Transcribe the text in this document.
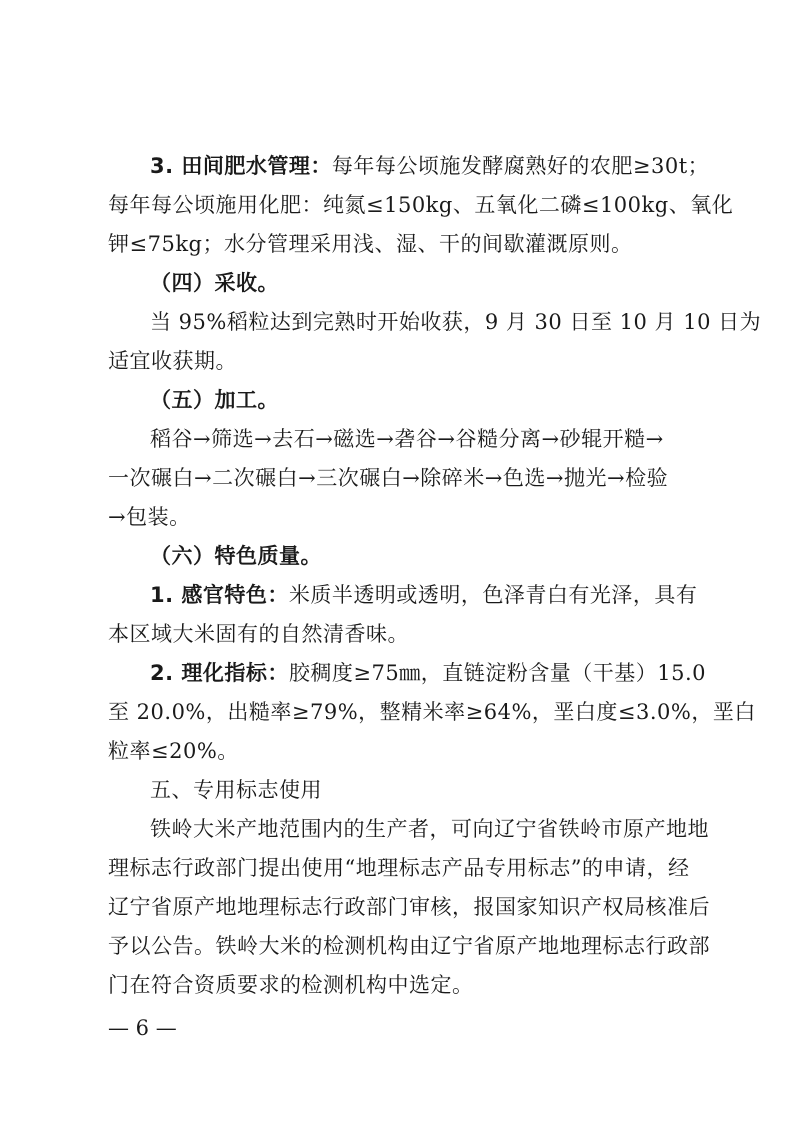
3. 田间肥水管理：每年每公顷施发酵腐熟好的农肥≥30t；
每年每公顷施用化肥：纯氮≤150kg、五氧化二磷≤100kg、氧化
钾≤75kg；水分管理采用浅、湿、干的间歇灌溉原则。
（四）采收。
当 95%稻粒达到完熟时开始收获，9 月 30 日至 10 月 10 日为
适宜收获期。
（五）加工。
稻谷→筛选→去石→磁选→砻谷→谷糙分离→砂辊开糙→
一次碾白→二次碾白→三次碾白→除碎米→色选→抛光→检验
→包装。
（六）特色质量。
1. 感官特色：米质半透明或透明，色泽青白有光泽，具有
本区域大米固有的自然清香味。
2. 理化指标：胶稠度≥75㎜，直链淀粉含量（干基）15.0
至 20.0%，出糙率≥79%，整精米率≥64%，垩白度≤3.0%，垩白
粒率≤20%。
五、专用标志使用
铁岭大米产地范围内的生产者，可向辽宁省铁岭市原产地地
理标志行政部门提出使用“地理标志产品专用标志”的申请，经
辽宁省原产地地理标志行政部门审核，报国家知识产权局核准后
予以公告。铁岭大米的检测机构由辽宁省原产地地理标志行政部
门在符合资质要求的检测机构中选定。
— 6 —
